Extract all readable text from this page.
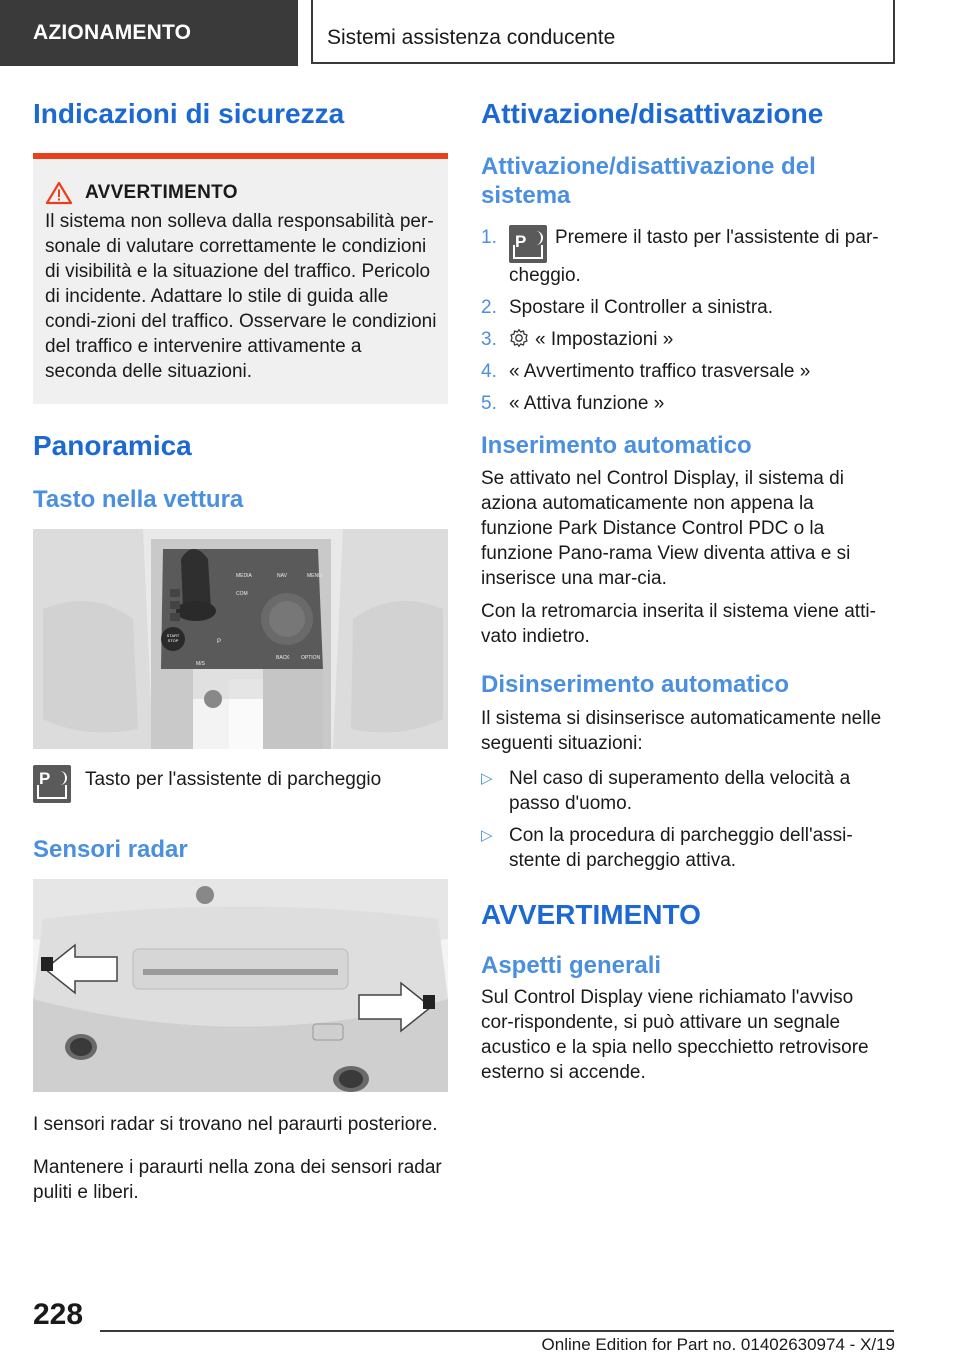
AZIONAMENTO	Sistemi assistenza conducente
Indicazioni di sicurezza
AVVERTIMENTO

Il sistema non solleva dalla responsabilità per-sonale di valutare correttamente le condizioni di visibilità e la situazione del traffico. Pericolo di incidente. Adattare lo stile di guida alle condi-zioni del traffico. Osservare le condizioni del traffico e intervenire attivamente a seconda delle situazioni.

Panoramica
Tasto nella vettura
START STOP
MEDIA
COM
NAV	MENU
BACK OPTION
P
M/S
P Tasto per l'assistente di parcheggio

Sensori radar

I sensori radar si trovano nel paraurti posteriore.

Mantenere i paraurti nella zona dei sensori radar puliti e liberi.

Attivazione/disattivazione
Attivazione/disattivazione del sistema
1. P Premere il tasto per l'assistente di par-cheggio.
2. Spostare il Controller a sinistra.
3. « Impostazioni »
4. « Avvertimento traffico trasversale »
5. « Attiva funzione »
Inserimento automatico

Se attivato nel Control Display, il sistema di aziona automaticamente non appena la funzione Park Distance Control PDC o la funzione Pano-rama View diventa attiva e si inserisce una mar-cia.

Con la retromarcia inserita il sistema viene atti-vato indietro.

Disinserimento automatico

Il sistema si disinserisce automaticamente nelle seguenti situazioni:

▷ Nel caso di superamento della velocità a passo d'uomo.
▷ Con la procedura di parcheggio dell'assi-stente di parcheggio attiva.
AVVERTIMENTO
Aspetti generali

Sul Control Display viene richiamato l'avviso cor-rispondente, si può attivare un segnale acustico e la spia nello specchietto retrovisore esterno si accende.

228
Online Edition for Part no. 01402630974 - X/19
